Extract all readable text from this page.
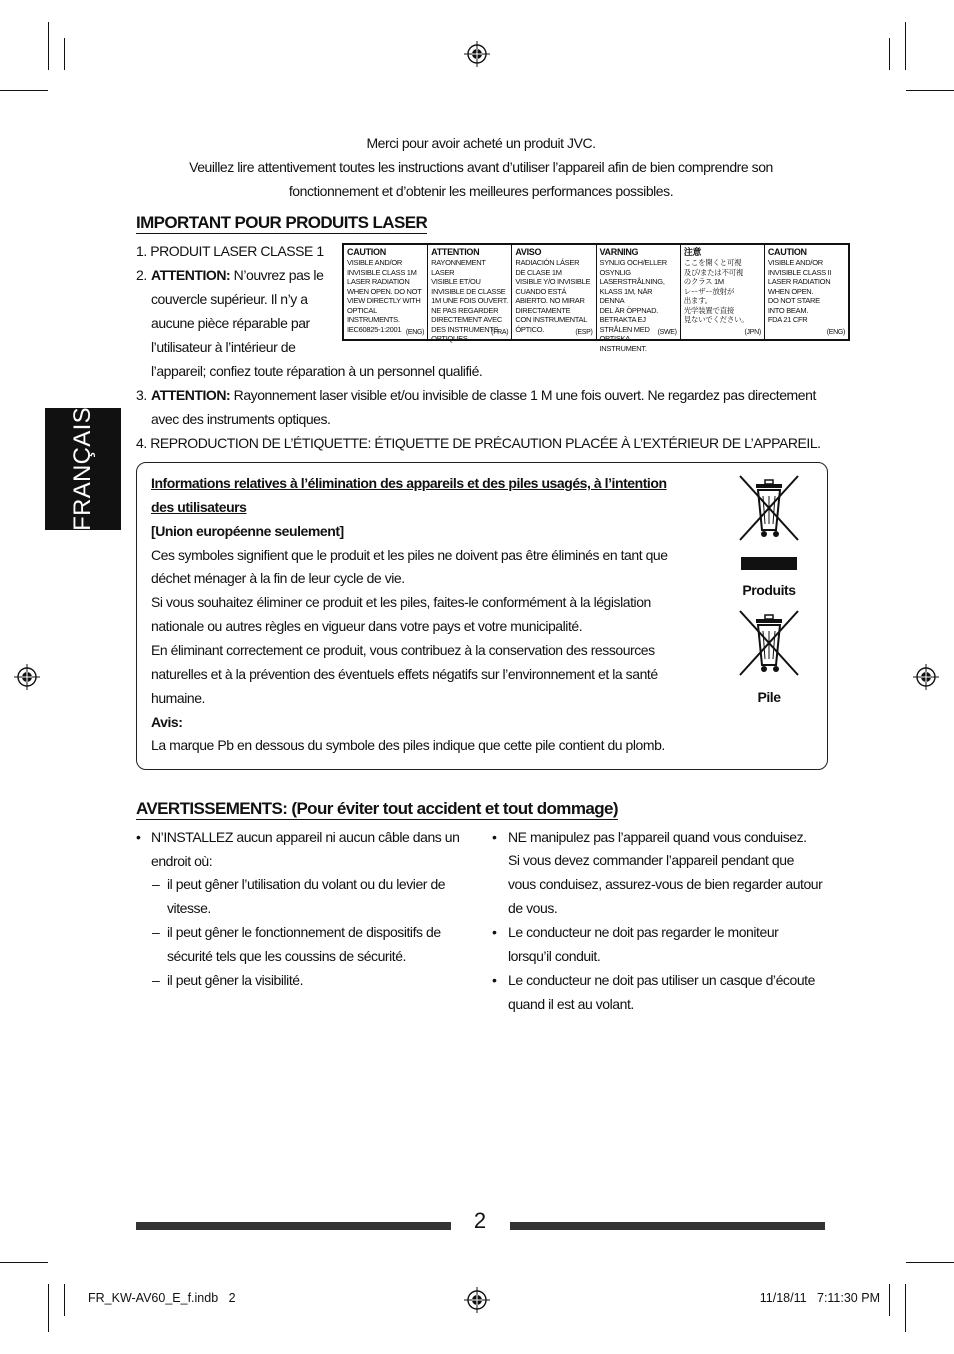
Merci pour avoir acheté un produit JVC.
Veuillez lire attentivement toutes les instructions avant d’utiliser l’appareil afin de bien comprendre son
fonctionnement et d’obtenir les meilleures performances possibles.
FRANÇAIS
IMPORTANT POUR PRODUITS LASER
1. PRODUIT LASER CLASSE 1
2. ATTENTION: N’ouvrez pas le
couvercle supérieur. Il n’y a
aucune pièce réparable par
l’utilisateur à l’intérieur de
l’appareil; confiez toute réparation à un personnel qualifié.
3. ATTENTION: Rayonnement laser visible et/ou invisible de classe 1 M une fois ouvert. Ne regardez pas directement
avec des instruments optiques.
4. REPRODUCTION DE L’ÉTIQUETTE: ÉTIQUETTE DE PRÉCAUTION PLACÉE À L’EXTÉRIEUR DE L’APPAREIL.
CAUTION
VISIBLE AND/OR
INVISIBLE CLASS 1M
LASER RADIATION
WHEN OPEN. DO NOT
VIEW DIRECTLY WITH
OPTICAL INSTRUMENTS.
IEC60825-1:2001 (ENG)
ATTENTION
RAYONNEMENT LASER
VISIBLE ET/OU
INVISIBLE DE CLASSE
1M UNE FOIS OUVERT.
NE PAS REGARDER
DIRECTEMENT AVEC
DES INSTRUMENTS
OPTIQUES.
(FRA)
AVISO
RADIACIÓN LÁSER
DE CLASE 1M
VISIBLE Y/O INVISIBLE
CUANDO ESTÁ
ABIERTO. NO MIRAR
DIRECTAMENTE
CON INSTRUMENTAL
ÓPTICO.	(ESP)
VARNING
SYNLIG OCH/ELLER
OSYNLIG
LASERSTRÅLNING,
KLASS 1M, NÄR DENNA
DEL ÄR ÖPPNAD.
BETRAKTA EJ
STRÅLEN MED OPTISKA
INSTRUMENT.
(SWE)
注意
ここを開くと可視
及び/または不可視
のクラス 1M
レーザー放射が
出ます。
光学装置で直接
見ないでください。
(JPN)
CAUTION
VISIBLE AND/OR
INVISIBLE CLASS II
LASER RADIATION
WHEN OPEN.
DO NOT STARE
INTO BEAM.
FDA 21 CFR
(ENG)
Informations relatives à l’élimination des appareils et des piles usagés, à l’intention
des utilisateurs
[Union européenne seulement]
Ces symboles signifient que le produit et les piles ne doivent pas être éliminés en tant que
déchet ménager à la fin de leur cycle de vie.
Si vous souhaitez éliminer ce produit et les piles, faites-le conformément à la législation
nationale ou autres règles en vigueur dans votre pays et votre municipalité.
En éliminant correctement ce produit, vous contribuez à la conservation des ressources
naturelles et à la prévention des éventuels effets négatifs sur l’environnement et la santé
humaine.
Avis:
La marque Pb en dessous du symbole des piles indique que cette pile contient du plomb.
Produits
Pile
AVERTISSEMENTS: (Pour éviter tout accident et tout dommage)
• N’INSTALLEZ aucun appareil ni aucun câble dans un
endroit où:
– il peut gêner l’utilisation du volant ou du levier de
vitesse.
– il peut gêner le fonctionnement de dispositifs de
sécurité tels que les coussins de sécurité.
– il peut gêner la visibilité.
• NE manipulez pas l’appareil quand vous conduisez.
Si vous devez commander l’appareil pendant que
vous conduisez, assurez-vous de bien regarder autour
de vous.
• Le conducteur ne doit pas regarder le moniteur
lorsqu’il conduit.
• Le conducteur ne doit pas utiliser un casque d’écoute
quand il est au volant.
2
FR_KW-AV60_E_f.indb   2	11/18/11   7:11:30 PM
